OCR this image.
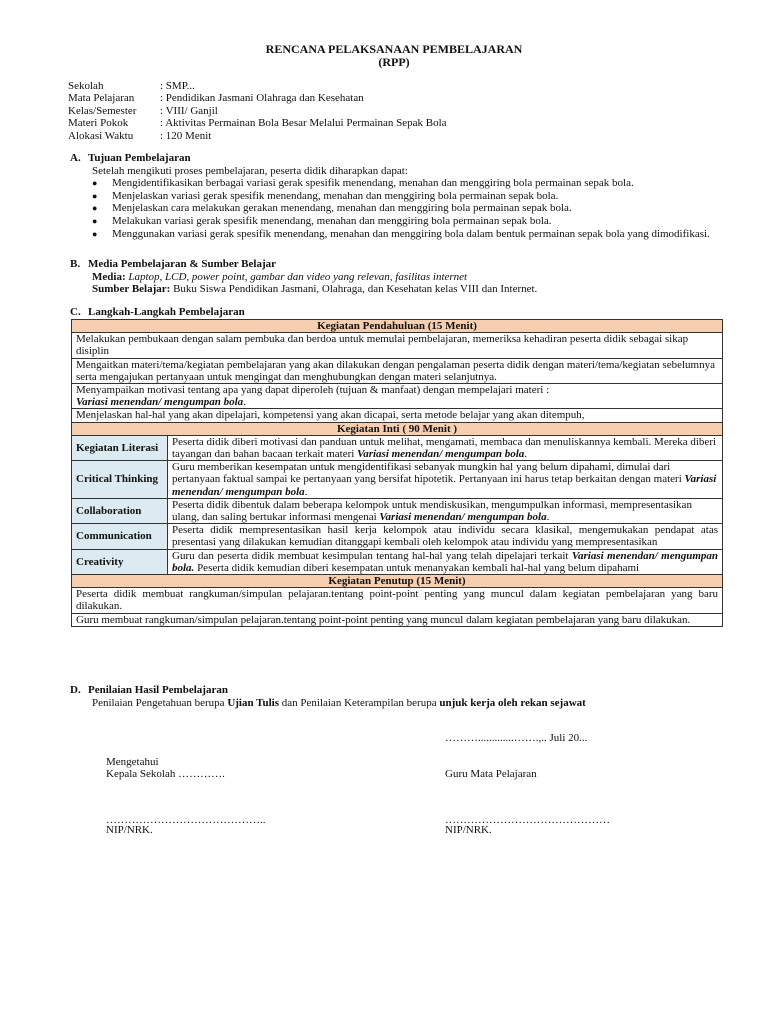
RENCANA PELAKSANAAN PEMBELAJARAN
(RPP)
Sekolah	: SMP...
Mata Pelajaran	: Pendidikan Jasmani Olahraga dan Kesehatan
Kelas/Semester	: VIII/ Ganjil
Materi Pokok	: Aktivitas Permainan Bola Besar Melalui Permainan Sepak Bola
Alokasi Waktu	: 120 Menit
A. Tujuan Pembelajaran
Setelah mengikuti proses pembelajaran, peserta didik diharapkan dapat:
● Mengidentifikasikan berbagai variasi gerak spesifik menendang, menahan dan menggiring bola permainan sepak bola.
● Menjelaskan variasi gerak spesifik menendang, menahan dan menggiring bola permainan sepak bola.
● Menjelaskan cara melakukan gerakan menendang, menahan dan menggiring bola permainan sepak bola.
● Melakukan variasi gerak spesifik menendang, menahan dan menggiring bola permainan sepak bola.
● Menggunakan variasi gerak spesifik menendang, menahan dan menggiring bola dalam bentuk permainan sepak bola yang dimodifikasi.
B. Media Pembelajaran & Sumber Belajar
Media: Laptop, LCD, power point, gambar dan video yang relevan, fasilitas internet
Sumber Belajar: Buku Siswa Pendidikan Jasmani, Olahraga, dan Kesehatan kelas VIII dan Internet.
C. Langkah-Langkah Pembelajaran
Kegiatan Pendahuluan (15 Menit)	
Melakukan pembukaan dengan salam pembuka dan berdoa untuk memulai pembelajaran, memeriksa kehadiran peserta didik sebagai sikap disiplin	
Mengaitkan materi/tema/kegiatan pembelajaran yang akan dilakukan dengan pengalaman peserta didik dengan materi/tema/kegiatan sebelumnya serta mengajukan pertanyaan untuk mengingat dan menghubungkan dengan materi selanjutnya.	
Menyampaikan motivasi tentang apa yang dapat diperoleh (tujuan & manfaat) dengan mempelajari materi :
Variasi menendan/ mengumpan bola.	
Menjelaskan hal-hal yang akan dipelajari, kompetensi yang akan dicapai, serta metode belajar yang akan ditempuh,	
Kegiatan Inti ( 90 Menit )	
Kegiatan Literasi	Peserta didik diberi motivasi dan panduan untuk melihat, mengamati, membaca dan menuliskannya kembali. Mereka diberi tayangan dan bahan bacaan terkait materi Variasi menendan/ mengumpan bola.
Critical Thinking	Guru memberikan kesempatan untuk mengidentifikasi sebanyak mungkin hal yang belum dipahami, dimulai dari pertanyaan faktual sampai ke pertanyaan yang bersifat hipotetik. Pertanyaan ini harus tetap berkaitan dengan materi Variasi menendan/ mengumpan bola.
Collaboration	Peserta didik dibentuk dalam beberapa kelompok untuk mendiskusikan, mengumpulkan informasi, mempresentasikan ulang, dan saling bertukar informasi mengenai Variasi menendan/ mengumpan bola.
Communication	Peserta didik mempresentasikan hasil kerja kelompok atau individu secara klasikal, mengemukakan pendapat atas presentasi yang dilakukan kemudian ditanggapi kembali oleh kelompok atau individu yang mempresentasikan
Creativity	Guru dan peserta didik membuat kesimpulan tentang hal-hal yang telah dipelajari terkait Variasi menendan/ mengumpan bola. Peserta didik kemudian diberi kesempatan untuk menanyakan kembali hal-hal yang belum dipahami
Kegiatan Penutup (15 Menit)	
Peserta didik membuat rangkuman/simpulan pelajaran.tentang point-point penting yang muncul dalam kegiatan pembelajaran yang baru dilakukan.	
Guru membuat rangkuman/simpulan pelajaran.tentang point-point penting yang muncul dalam kegiatan pembelajaran yang baru dilakukan.	
D. Penilaian Hasil Pembelajaran
Penilaian Pengetahuan berupa Ujian Tulis dan Penilaian Keterampilan berupa unjuk kerja oleh rekan sejawat
……….............…….,.. Juli 20...
Mengetahui
Kepala Sekolah ………….	Guru Mata Pelajaran
……………………………………..	………………………………………
NIP/NRK.	NIP/NRK.
